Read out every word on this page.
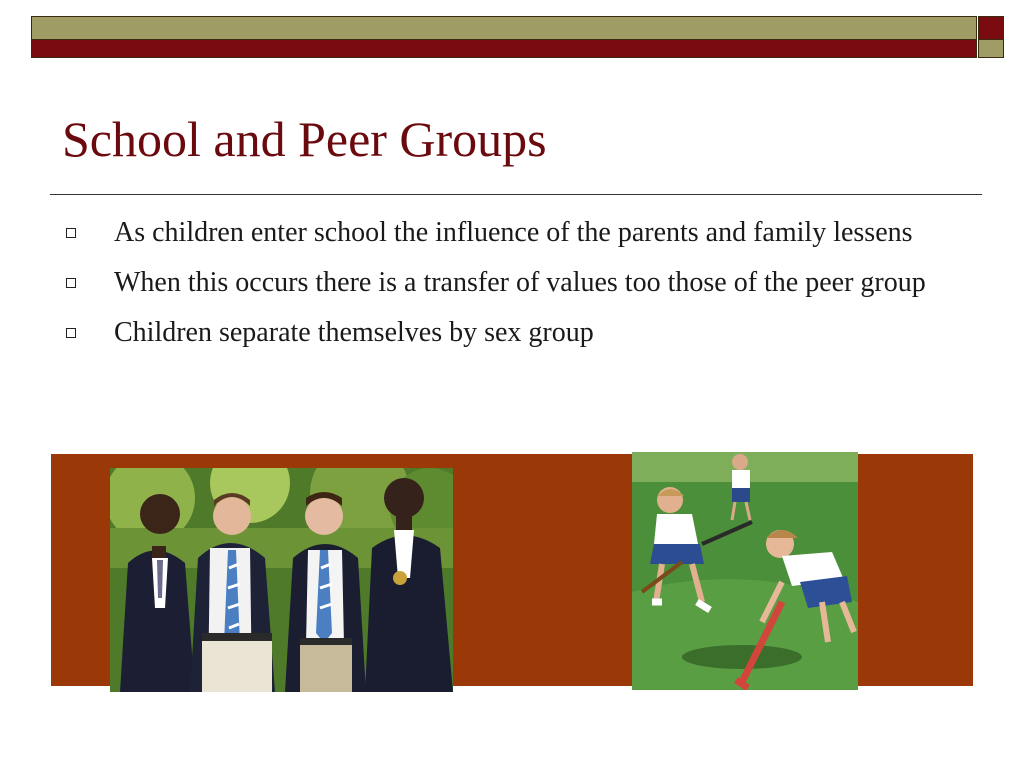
School and Peer Groups
As children enter school the influence of the parents and family lessens
When this occurs there is a transfer of values too those of the peer group
Children separate themselves by sex group
